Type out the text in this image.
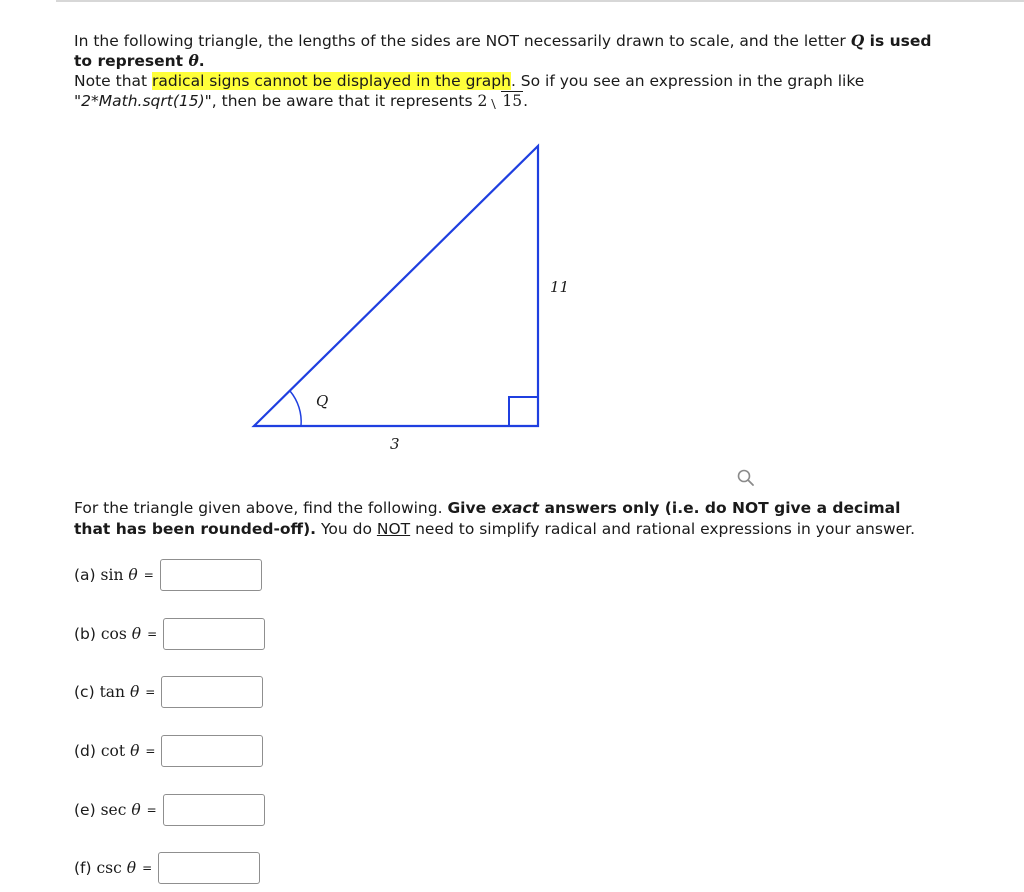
In the following triangle, the lengths of the sides are NOT necessarily drawn to scale, and the letter Q is used

to represent θ.

Note that radical signs cannot be displayed in the graph. So if you see an expression in the graph like

"2*Math.sqrt(15)", then be aware that it represents 2 15.

Q
11
3

For the triangle given above, find the following. Give exact answers only (i.e. do NOT give a decimal that has been rounded-off). You do NOT need to simplify radical and rational expressions in your answer.

(a) sin θ =
(b) cos θ =
(c) tan θ =
(d) cot θ =
(e) sec θ =
(f) csc θ =
